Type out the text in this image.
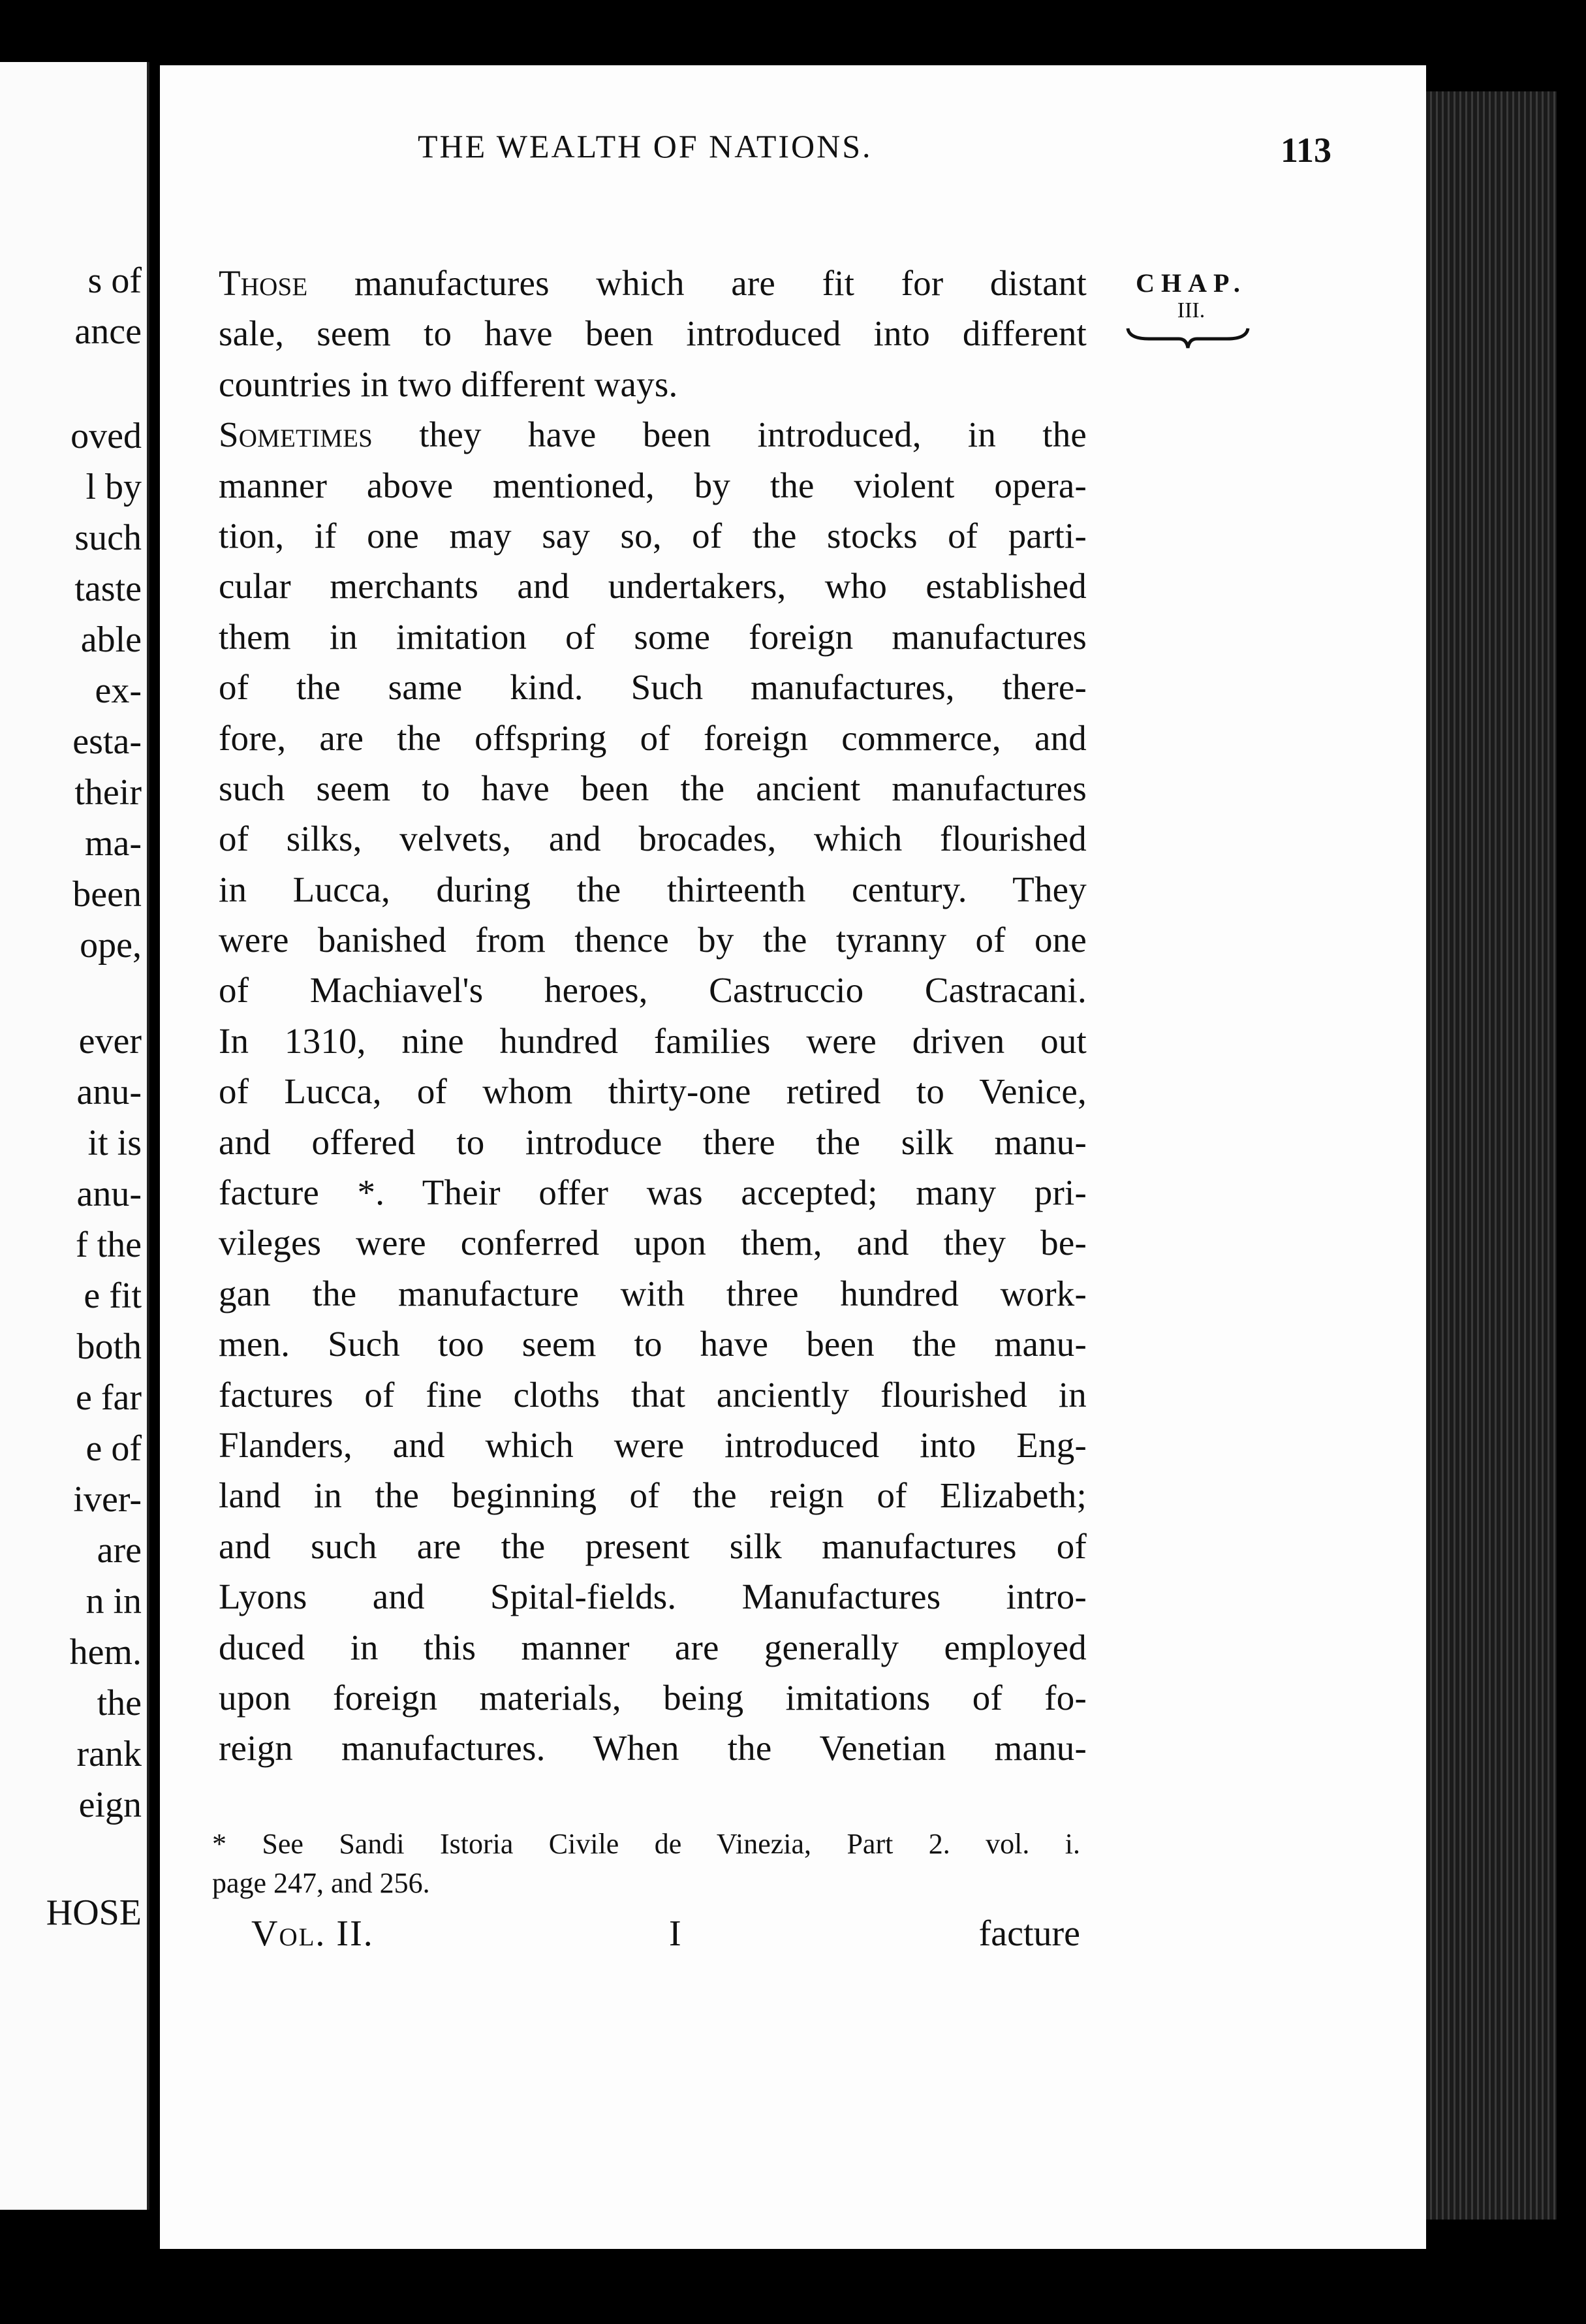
s of
ance
oved
l by
such
taste
able
ex-
esta-
their
ma-
been
ope,
ever
anu-
it is
anu-
f the
e fit
both
e far
e of
iver-
are
n in
hem.
the
rank
eign
HOSE
THE WEALTH OF NATIONS.	113
CHAP.
III.
Those manufactures which are fit for distant
sale, seem to have been introduced into different
countries in two different ways.
Sometimes they have been introduced, in the
manner above mentioned, by the violent opera-
tion, if one may say so, of the stocks of parti-
cular merchants and undertakers, who established
them in imitation of some foreign manufactures
of the same kind. Such manufactures, there-
fore, are the offspring of foreign commerce, and
such seem to have been the ancient manufactures
of silks, velvets, and brocades, which flourished
in Lucca, during the thirteenth century. They
were banished from thence by the tyranny of one
of Machiavel's heroes, Castruccio Castracani.
In 1310, nine hundred families were driven out
of Lucca, of whom thirty-one retired to Venice,
and offered to introduce there the silk manu-
facture *. Their offer was accepted; many pri-
vileges were conferred upon them, and they be-
gan the manufacture with three hundred work-
men. Such too seem to have been the manu-
factures of fine cloths that anciently flourished in
Flanders, and which were introduced into Eng-
land in the beginning of the reign of Elizabeth;
and such are the present silk manufactures of
Lyons and Spital-fields. Manufactures intro-
duced in this manner are generally employed
upon foreign materials, being imitations of fo-
reign manufactures. When the Venetian manu-
* See Sandi Istoria Civile de Vinezia, Part 2. vol. i.
page 247, and 256.
Vol. II.	I	facture
